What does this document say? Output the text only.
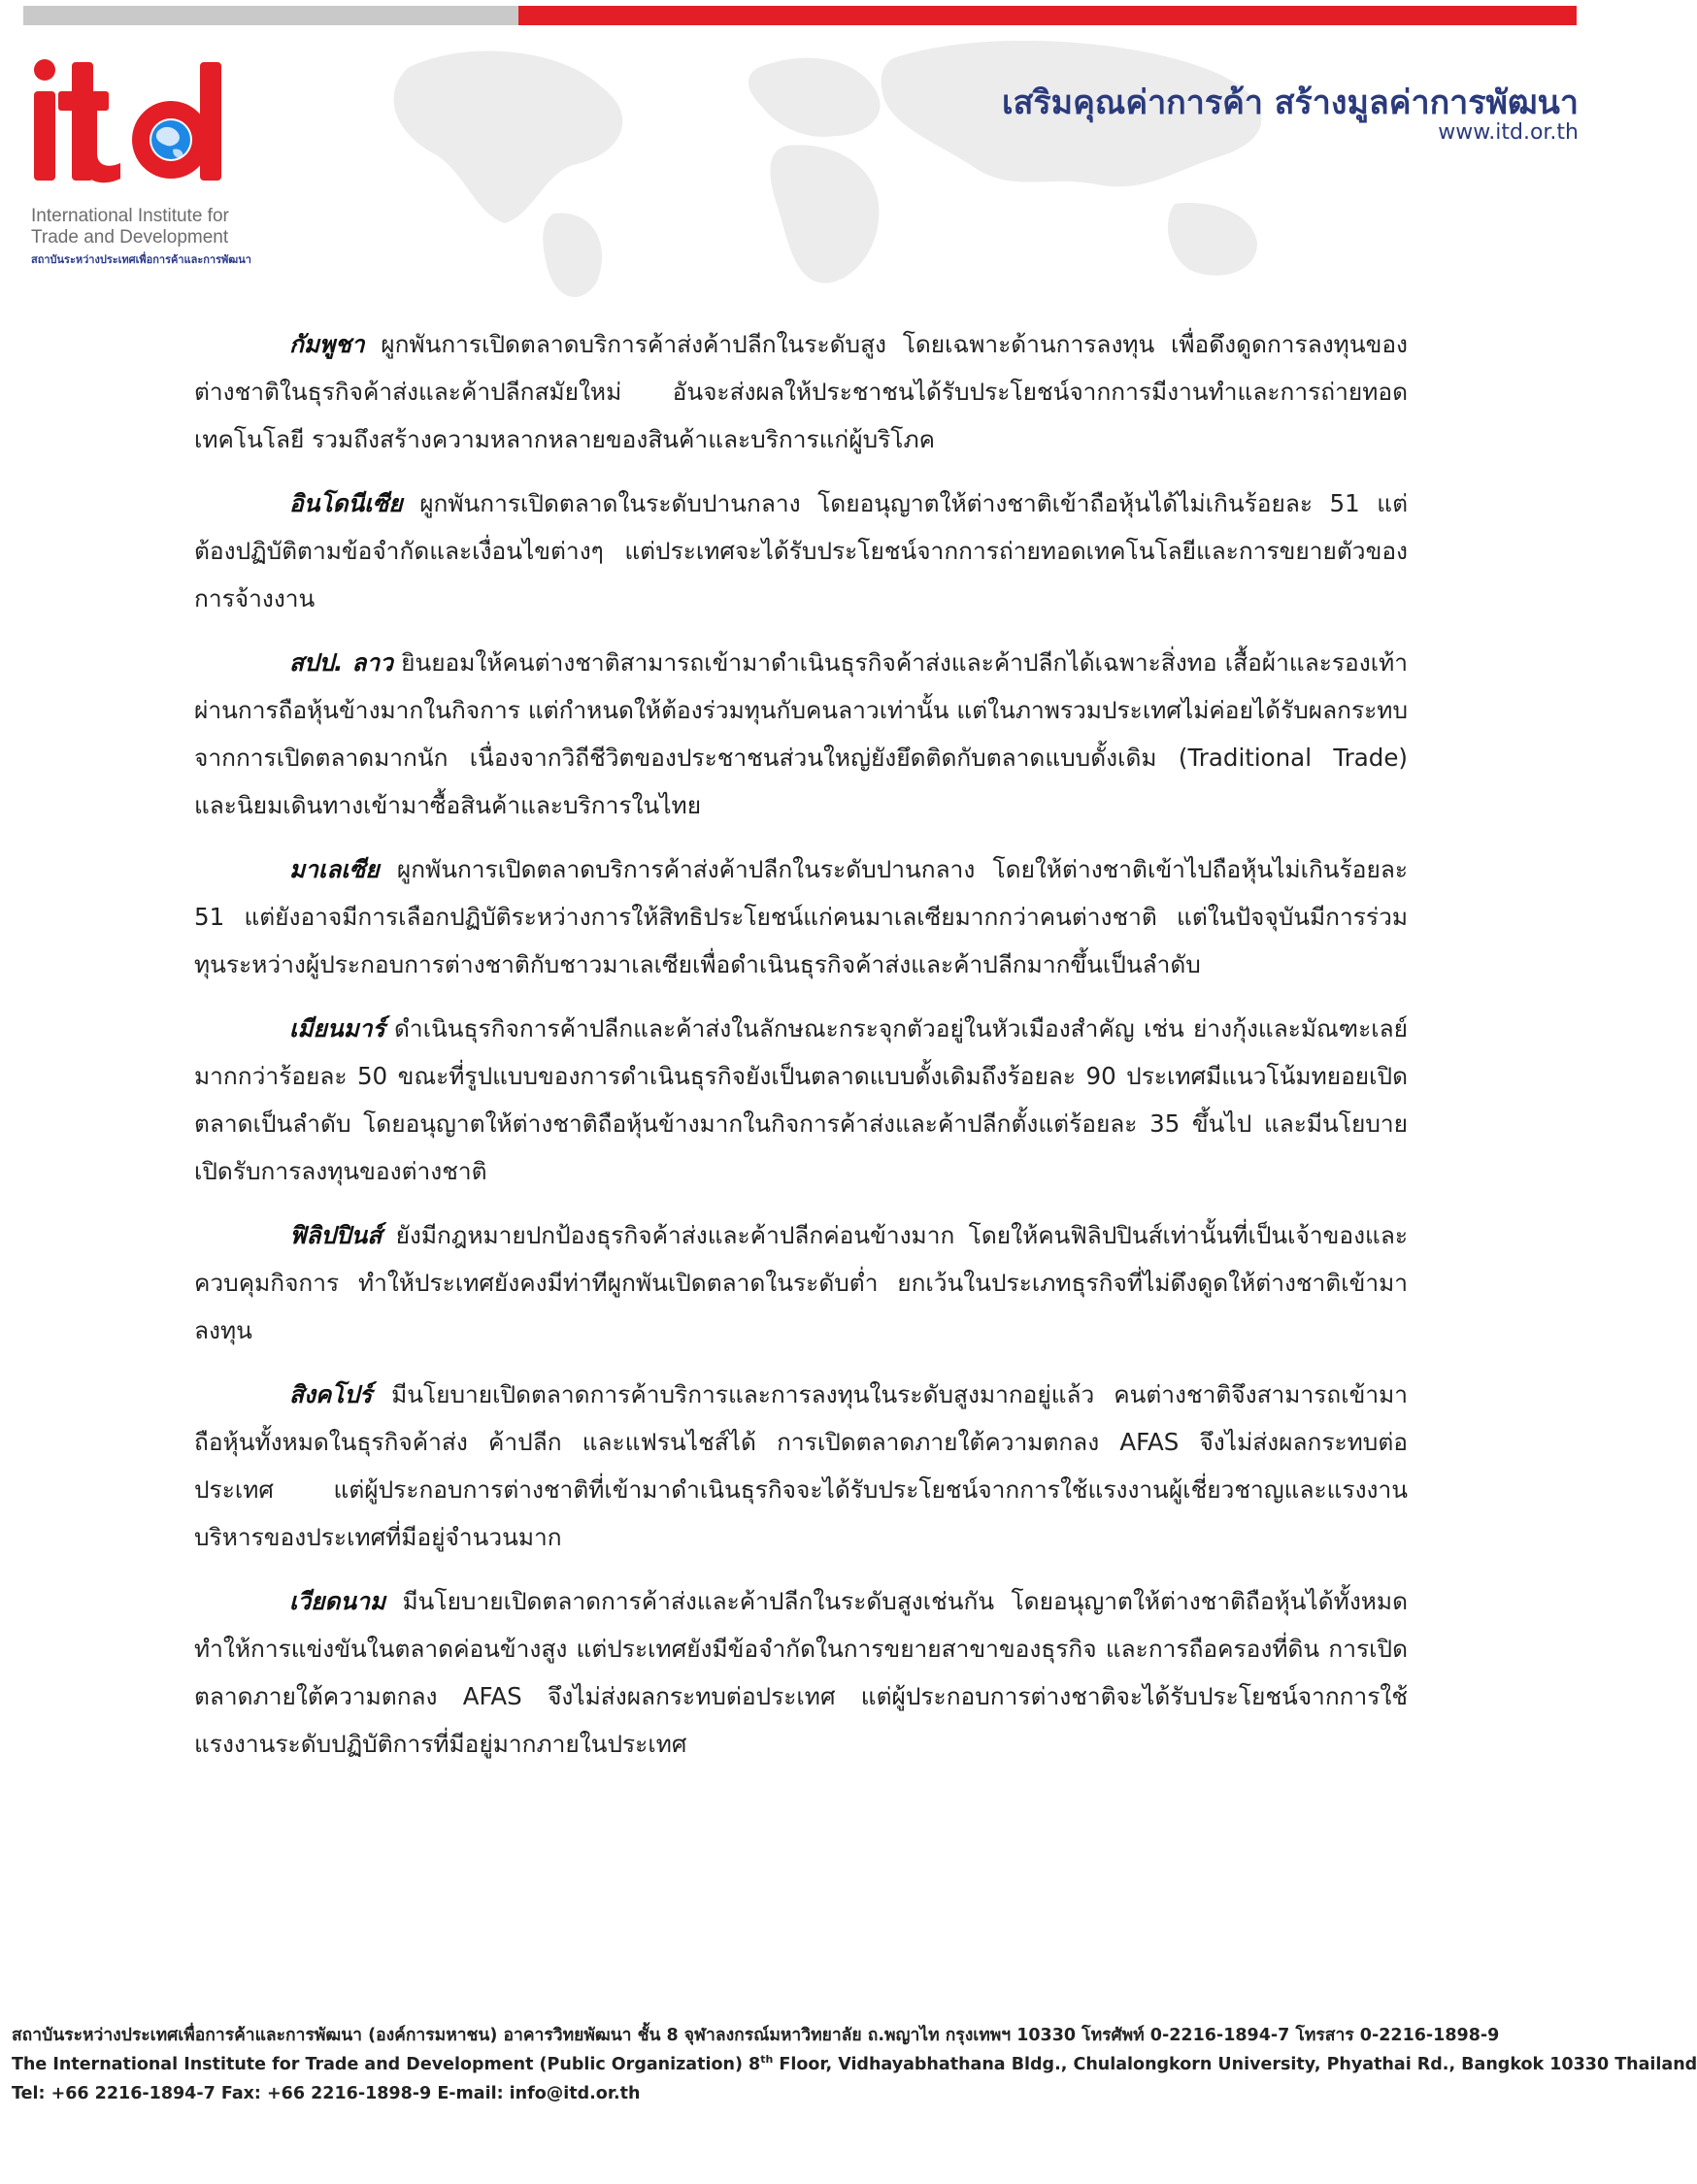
International Institute for
Trade and Development
สถาบันระหว่างประเทศเพื่อการค้าและการพัฒนา
เสริมคุณค่าการค้า สร้างมูลค่าการพัฒนา
www.itd.or.th

กัมพูชา ผูกพันการเปิดตลาดบริการค้าส่งค้าปลีกในระดับสูง โดยเฉพาะด้านการลงทุน เพื่อดึงดูดการลงทุนของต่างชาติในธุรกิจค้าส่งและค้าปลีกสมัยใหม่ อันจะส่งผลให้ประชาชนได้รับประโยชน์จากการมีงานทำและการถ่ายทอดเทคโนโลยี รวมถึงสร้างความหลากหลายของสินค้าและบริการแก่ผู้บริโภค

อินโดนีเซีย ผูกพันการเปิดตลาดในระดับปานกลาง โดยอนุญาตให้ต่างชาติเข้าถือหุ้นได้ไม่เกินร้อยละ 51 แต่ต้องปฏิบัติตามข้อจำกัดและเงื่อนไขต่างๆ แต่ประเทศจะได้รับประโยชน์จากการถ่ายทอดเทคโนโลยีและการขยายตัวของการจ้างงาน

สปป. ลาว ยินยอมให้คนต่างชาติสามารถเข้ามาดำเนินธุรกิจค้าส่งและค้าปลีกได้เฉพาะสิ่งทอ เสื้อผ้าและรองเท้า ผ่านการถือหุ้นข้างมากในกิจการ แต่กำหนดให้ต้องร่วมทุนกับคนลาวเท่านั้น แต่ในภาพรวมประเทศไม่ค่อยได้รับผลกระทบจากการเปิดตลาดมากนัก เนื่องจากวิถีชีวิตของประชาชนส่วนใหญ่ยังยึดติดกับตลาดแบบดั้งเดิม (Traditional Trade) และนิยมเดินทางเข้ามาซื้อสินค้าและบริการในไทย

มาเลเซีย ผูกพันการเปิดตลาดบริการค้าส่งค้าปลีกในระดับปานกลาง โดยให้ต่างชาติเข้าไปถือหุ้นไม่เกินร้อยละ 51 แต่ยังอาจมีการเลือกปฏิบัติระหว่างการให้สิทธิประโยชน์แก่คนมาเลเซียมากกว่าคนต่างชาติ แต่ในปัจจุบันมีการร่วมทุนระหว่างผู้ประกอบการต่างชาติกับชาวมาเลเซียเพื่อดำเนินธุรกิจค้าส่งและค้าปลีกมากขึ้นเป็นลำดับ

เมียนมาร์ ดำเนินธุรกิจการค้าปลีกและค้าส่งในลักษณะกระจุกตัวอยู่ในหัวเมืองสำคัญ เช่น ย่างกุ้งและมัณฑะเลย์ มากกว่าร้อยละ 50 ขณะที่รูปแบบของการดำเนินธุรกิจยังเป็นตลาดแบบดั้งเดิมถึงร้อยละ 90 ประเทศมีแนวโน้มทยอยเปิดตลาดเป็นลำดับ โดยอนุญาตให้ต่างชาติถือหุ้นข้างมากในกิจการค้าส่งและค้าปลีกตั้งแต่ร้อยละ 35 ขึ้นไป และมีนโยบายเปิดรับการลงทุนของต่างชาติ

ฟิลิปปินส์ ยังมีกฎหมายปกป้องธุรกิจค้าส่งและค้าปลีกค่อนข้างมาก โดยให้คนฟิลิปปินส์เท่านั้นที่เป็นเจ้าของและควบคุมกิจการ ทำให้ประเทศยังคงมีท่าทีผูกพันเปิดตลาดในระดับต่ำ ยกเว้นในประเภทธุรกิจที่ไม่ดึงดูดให้ต่างชาติเข้ามาลงทุน

สิงคโปร์ มีนโยบายเปิดตลาดการค้าบริการและการลงทุนในระดับสูงมากอยู่แล้ว คนต่างชาติจึงสามารถเข้ามาถือหุ้นทั้งหมดในธุรกิจค้าส่ง ค้าปลีก และแฟรนไชส์ได้ การเปิดตลาดภายใต้ความตกลง AFAS จึงไม่ส่งผลกระทบต่อประเทศ แต่ผู้ประกอบการต่างชาติที่เข้ามาดำเนินธุรกิจจะได้รับประโยชน์จากการใช้แรงงานผู้เชี่ยวชาญและแรงงานบริหารของประเทศที่มีอยู่จำนวนมาก

เวียดนาม มีนโยบายเปิดตลาดการค้าส่งและค้าปลีกในระดับสูงเช่นกัน โดยอนุญาตให้ต่างชาติถือหุ้นได้ทั้งหมด ทำให้การแข่งขันในตลาดค่อนข้างสูง แต่ประเทศยังมีข้อจำกัดในการขยายสาขาของธุรกิจ และการถือครองที่ดิน การเปิดตลาดภายใต้ความตกลง AFAS จึงไม่ส่งผลกระทบต่อประเทศ แต่ผู้ประกอบการต่างชาติจะได้รับประโยชน์จากการใช้แรงงานระดับปฏิบัติการที่มีอยู่มากภายในประเทศ

สถาบันระหว่างประเทศเพื่อการค้าและการพัฒนา (องค์การมหาชน) อาคารวิทยพัฒนา ชั้น 8 จุฬาลงกรณ์มหาวิทยาลัย ถ.พญาไท กรุงเทพฯ 10330 โทรศัพท์ 0-2216-1894-7 โทรสาร 0-2216-1898-9
The International Institute for Trade and Development (Public Organization) 8th Floor, Vidhayabhathana Bldg., Chulalongkorn University, Phyathai Rd., Bangkok 10330 Thailand
Tel: +66 2216-1894-7 Fax: +66 2216-1898-9 E-mail: info@itd.or.th
